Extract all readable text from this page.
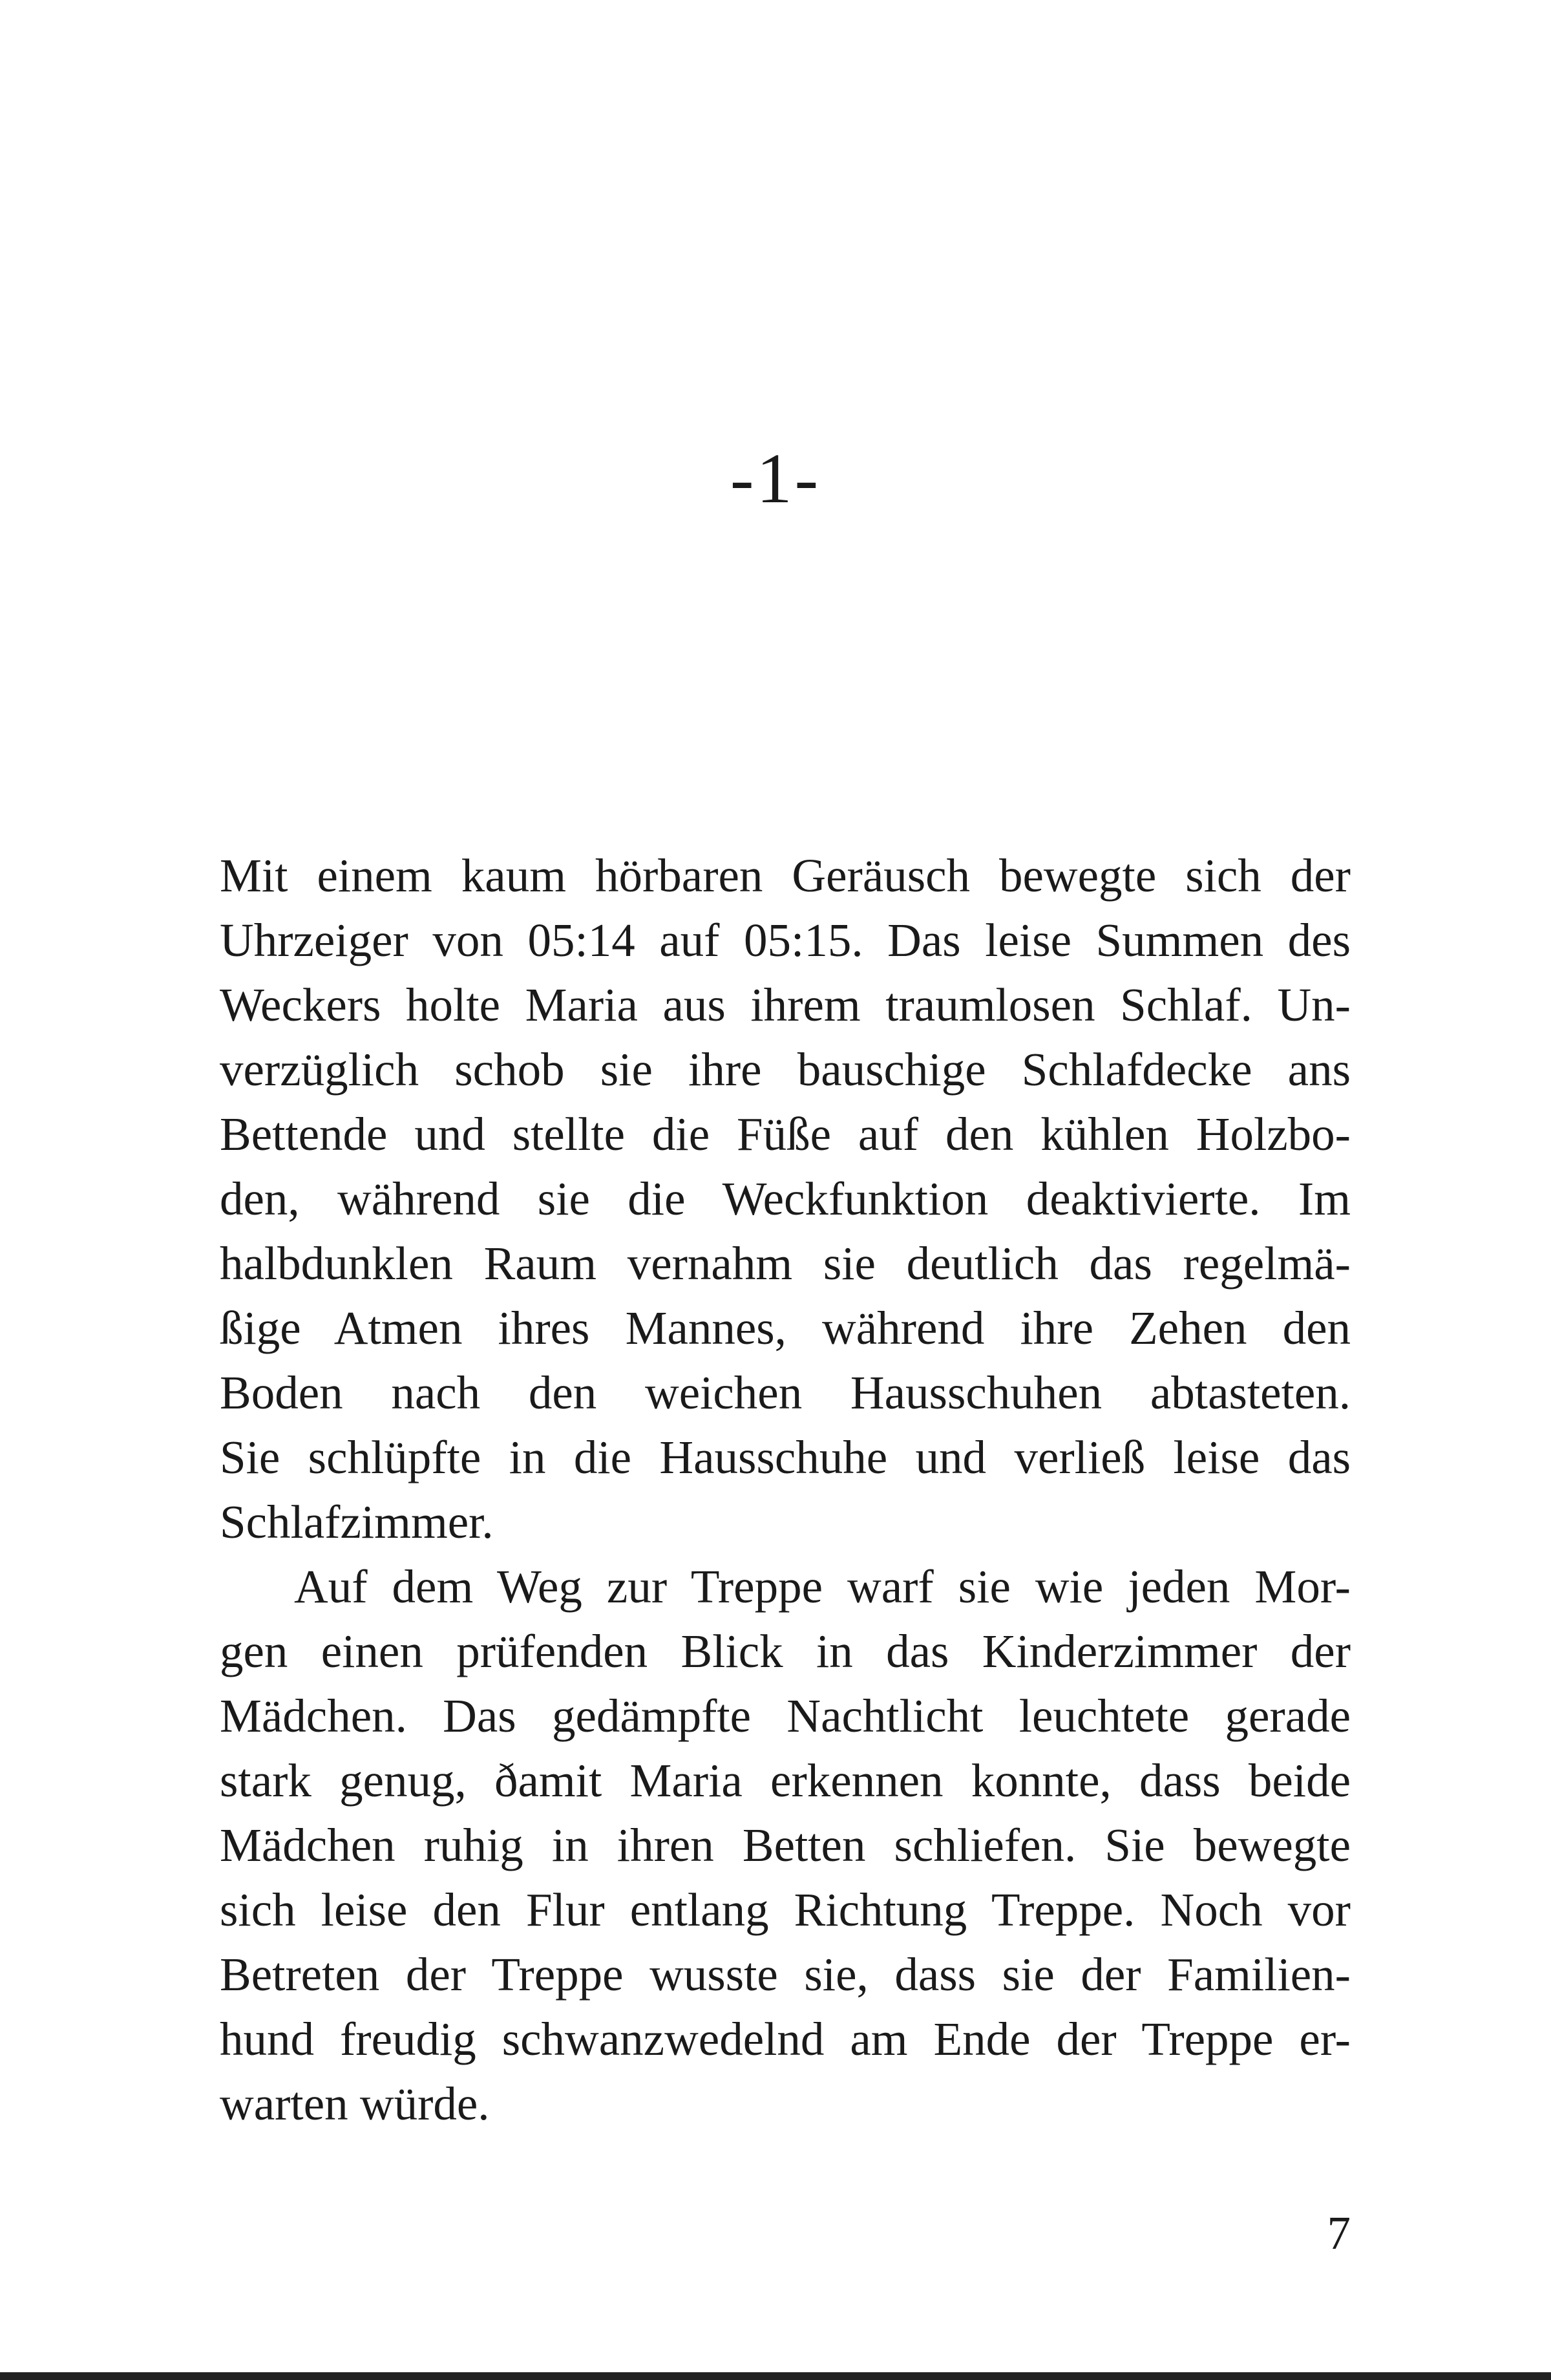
-1-
Mit einem kaum hörbaren Geräusch bewegte sich der
Uhrzeiger von 05:14 auf 05:15. Das leise Summen des
Weckers holte Maria aus ihrem traumlosen Schlaf. Un-
verzüglich schob sie ihre bauschige Schlafdecke ans
Bettende und stellte die Füße auf den kühlen Holzbo-
den, während sie die Weckfunktion deaktivierte. Im
halbdunklen Raum vernahm sie deutlich das regelmä-
ßige Atmen ihres Mannes, während ihre Zehen den
Boden nach den weichen Hausschuhen abtasteten.
Sie schlüpfte in die Hausschuhe und verließ leise das
Schlafzimmer.
Auf dem Weg zur Treppe warf sie wie jeden Mor-
gen einen prüfenden Blick in das Kinderzimmer der
Mädchen. Das gedämpfte Nachtlicht leuchtete gerade
stark genug, ðamit Maria erkennen konnte, dass beide
Mädchen ruhig in ihren Betten schliefen. Sie bewegte
sich leise den Flur entlang Richtung Treppe. Noch vor
Betreten der Treppe wusste sie, dass sie der Familien-
hund freudig schwanzwedelnd am Ende der Treppe er-
warten würde.
7
